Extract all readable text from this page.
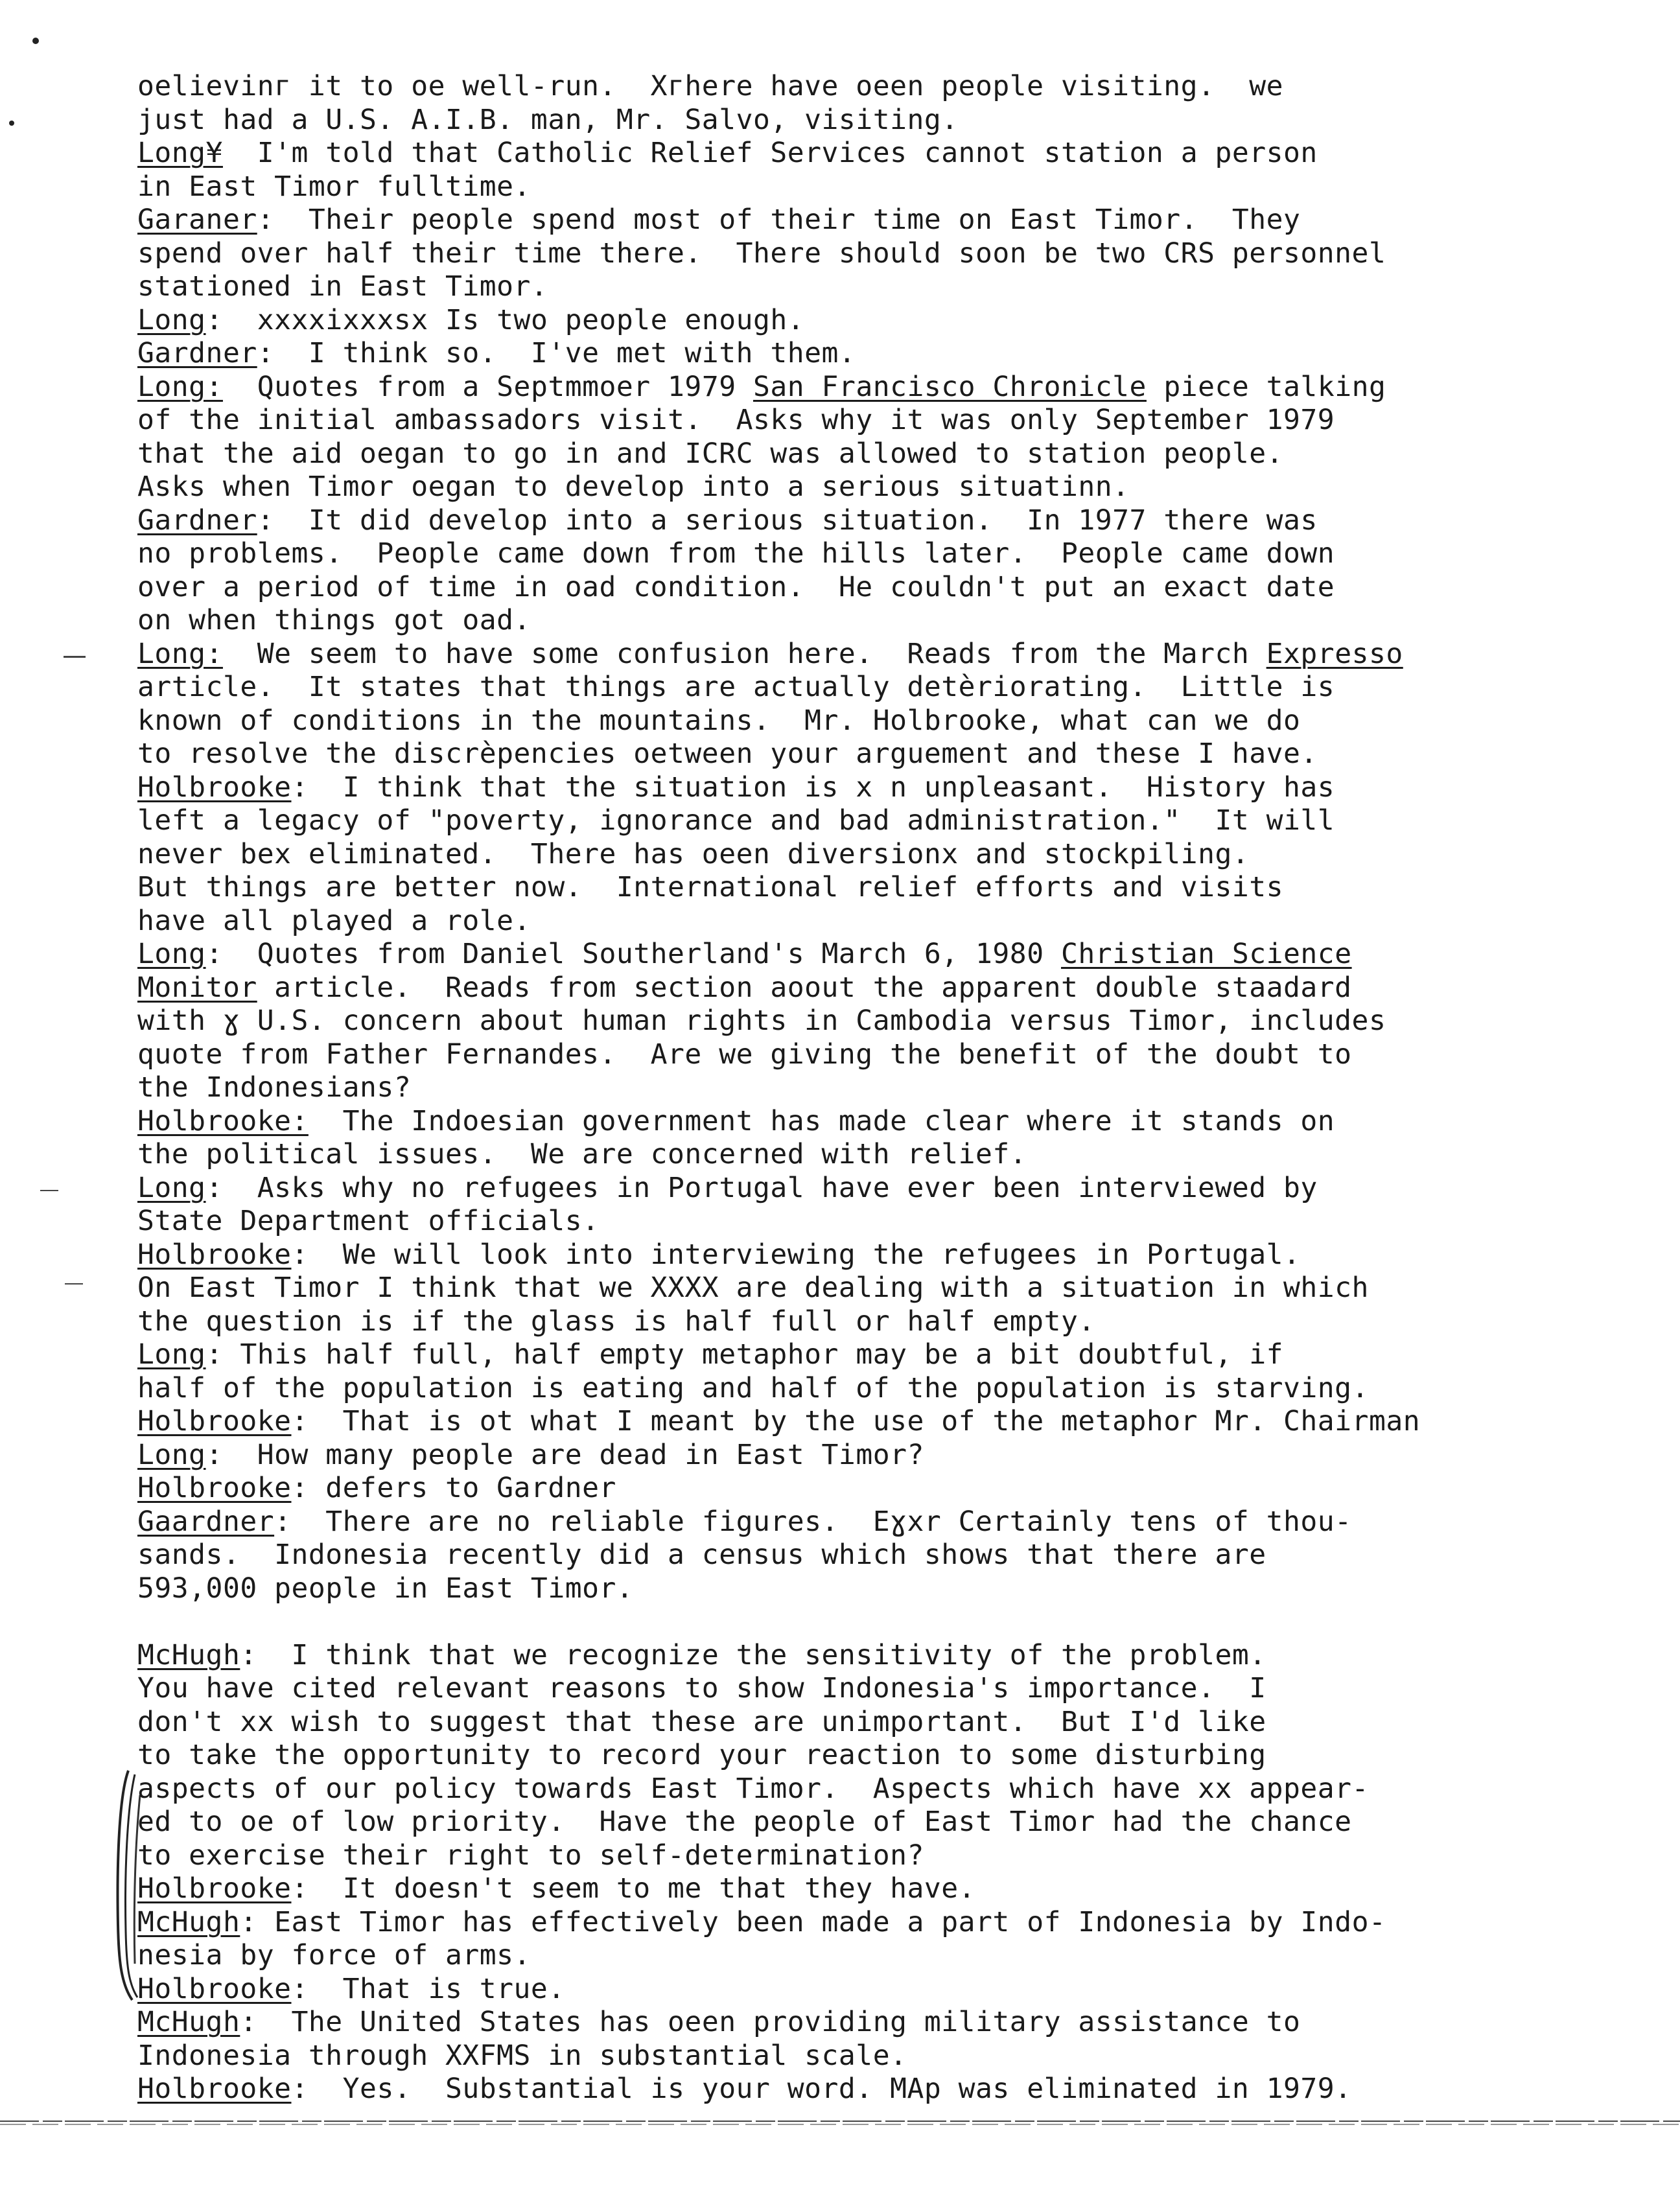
oelievinг it to oe well-run.  Xгhere have oeen people visiting.  we
just had a U.S. A.I.B. man, Mr. Salvo, visiting.
Long¥  I'm told that Catholic Relief Services cannot station a person
in East Timor fulltime.
Garaner:  Their people spend most of their time on East Timor.  They
spend over half their time there.  There should soon be two CRS personnel
stationed in East Timor.
Long:  xxxxixxxsx Is two people enough.
Gardner:  I think so.  I've met with them.
Long:  Quotes from a Septmmoer 1979 San Francisco Chronicle piece talking
of the initial ambassadors visit.  Asks why it was only September 1979
that the aid oegan to go in and ICRC was allowed to station people.
Asks when Timor oegan to develop into a serious situatinn.
Gardner:  It did develop into a serious situation.  In 1977 there was
no problems.  People came down from the hills later.  People came down
over a period of time in oad condition.  He couldn't put an exact date
on when things got oad.
Long:  We seem to have some confusion here.  Reads from the March Expresso
article.  It states that things are actually detèriorating.  Little is
known of conditions in the mountains.  Mr. Holbrooke, what can we do
to resolve the discrèpencies oetween your arguement and these I have.
Holbrooke:  I think that the situation is x n unpleasant.  History has
left a legacy of "poverty, ignorance and bad administration."  It will
never bex eliminated.  There has oeen diversionx and stockpiling.
But things are better now.  International relief efforts and visits
have all played a role.
Long:  Quotes from Daniel Southerland's March 6, 1980 Christian Science
Monitor article.  Reads from section aoout the apparent double staadard
with ɣ U.S. concern about human rights in Cambodia versus Timor, includes
quote from Father Fernandes.  Are we giving the benefit of the doubt to
the Indonesians?
Holbrooke:  The Indoesian government has made clear where it stands on
the political issues.  We are concerned with relief.
Long:  Asks why no refugees in Portugal have ever been interviewed by
State Department officials.
Holbrooke:  We will look into interviewing the refugees in Portugal.
On East Timor I think that we XXXX are dealing with a situation in which
the question is if the glass is half full or half empty.
Long: This half full, half empty metaphor may be a bit doubtful, if
half of the population is eating and half of the population is starving.
Holbrooke:  That is ot what I meant by the use of the metaphor Mr. Chairman
Long:  How many people are dead in East Timor?
Holbrooke: defers to Gardner
Gaardner:  There are no reliable figures.  Eɣxr Certainly tens of thou-
sands.  Indonesia recently did a census which shows that there are
593,000 people in East Timor.
McHugh:  I think that we recognize the sensitivity of the problem.
You have cited relevant reasons to show Indonesia's importance.  I
don't xx wish to suggest that these are unimportant.  But I'd like
to take the opportunity to record your reaction to some disturbing
aspects of our policy towards East Timor.  Aspects which have xx appear-
ed to oe of low priority.  Have the people of East Timor had the chance
to exercise their right to self-determination?
Holbrooke:  It doesn't seem to me that they have.
McHugh: East Timor has effectively been made a part of Indonesia by Indo-
nesia by force of arms.
Holbrooke:  That is true.
McHugh:  The United States has oeen providing military assistance to
Indonesia through XXFMS in substantial scale.
Holbrooke:  Yes.  Substantial is your word. MAp was eliminated in 1979.
